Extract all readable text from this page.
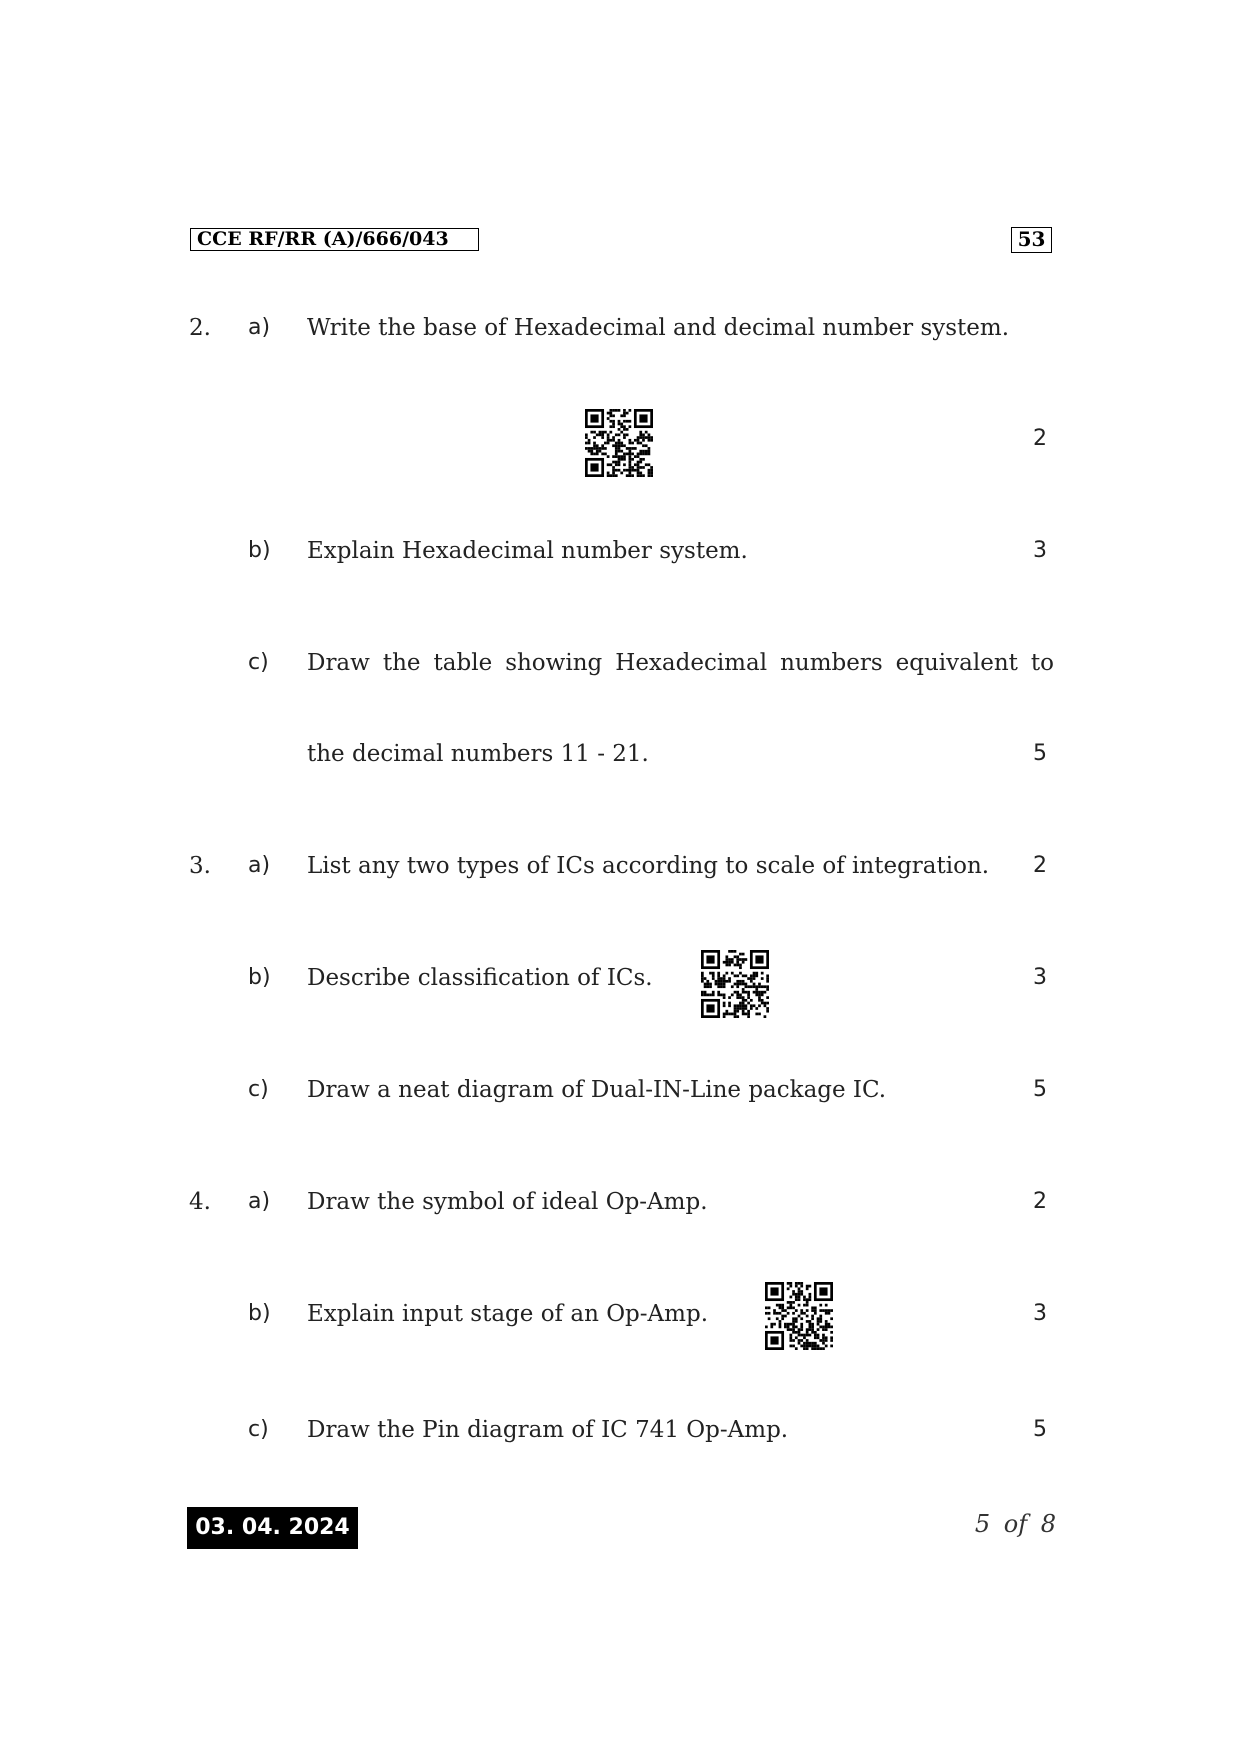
CCE RF/RR (A)/666/043	53
2. a) Write the base of Hexadecimal and decimal number system.
2
b) Explain Hexadecimal number system.	3
c) Draw the table showing Hexadecimal numbers equivalent to
the decimal numbers 11 - 21.	5
3. a) List any two types of ICs according to scale of integration. 2
b) Describe classification of ICs.	3
c) Draw a neat diagram of Dual-IN-Line package IC.	5
4. a) Draw the symbol of ideal Op-Amp.	2
b) Explain input stage of an Op-Amp.	3
c) Draw the Pin diagram of IC 741 Op-Amp.	5
03. 04. 2024	5 of 8
